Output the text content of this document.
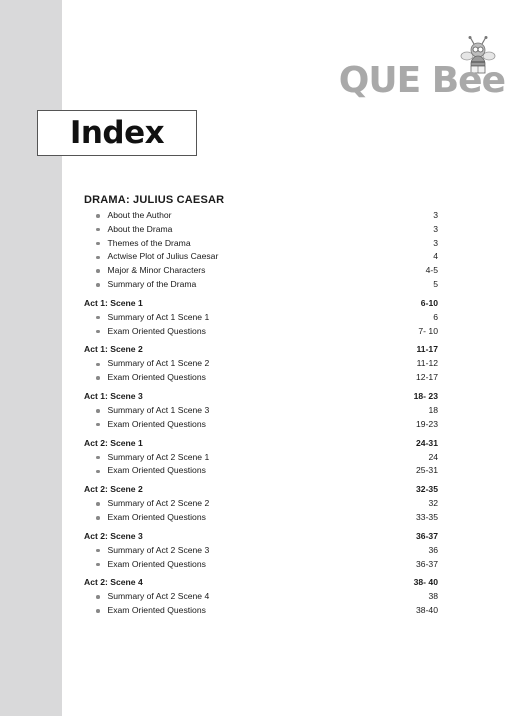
QUE Bee
Index
DRAMA: JULIUS CAESAR
About the Author	3
About the Drama	3
Themes of the Drama	3
Actwise Plot of Julius Caesar	4
Major & Minor Characters	4-5
Summary of the Drama	5
Act 1: Scene 1	6-10
Summary of Act 1 Scene 1	6
Exam Oriented Questions	7- 10
Act 1: Scene 2	11-17
Summary of Act 1 Scene 2	11-12
Exam Oriented Questions	12-17
Act 1: Scene 3	18- 23
Summary of Act 1 Scene 3	18
Exam Oriented Questions	19-23
Act 2: Scene 1	24-31
Summary of Act 2 Scene 1	24
Exam Oriented Questions	25-31
Act 2: Scene 2	32-35
Summary of Act 2 Scene 2	32
Exam Oriented Questions	33-35
Act 2: Scene 3	36-37
Summary of Act 2 Scene 3	36
Exam Oriented Questions	36-37
Act 2: Scene 4	38- 40
Summary of Act 2 Scene 4	38
Exam Oriented Questions	38-40
